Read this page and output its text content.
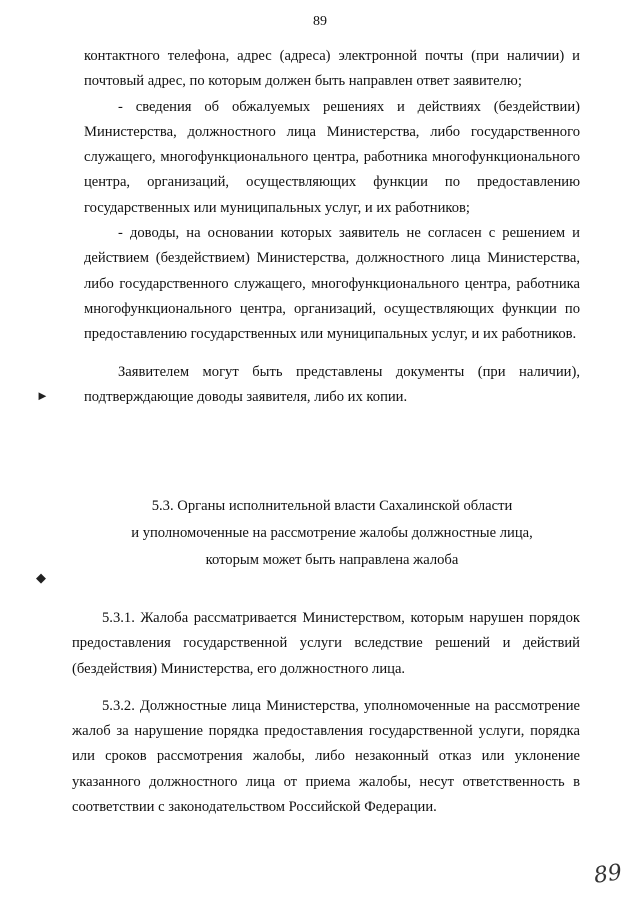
89

контактного телефона, адрес (адреса) электронной почты (при наличии) и почтовый адрес, по которым должен быть направлен ответ заявителю;

- сведения об обжалуемых решениях и действиях (бездействии) Министерства, должностного лица Министерства, либо государственного служащего, многофункционального центра, работника многофункционального центра, организаций, осуществляющих функции по предоставлению государственных или муниципальных услуг, и их работников;

- доводы, на основании которых заявитель не согласен с решением и действием (бездействием) Министерства, должностного лица Министерства, либо государственного служащего, многофункционального центра, работника многофункционального центра, организаций, осуществляющих функции по предоставлению государственных или муниципальных услуг, и их работников.

Заявителем могут быть представлены документы (при наличии), подтверждающие доводы заявителя, либо их копии.

5.3. Органы исполнительной власти Сахалинской области
и уполномоченные на рассмотрение жалобы должностные лица,
которым может быть направлена жалоба

5.3.1. Жалоба рассматривается Министерством, которым нарушен порядок предоставления государственной услуги вследствие решений и действий (бездействия) Министерства, его должностного лица.

5.3.2. Должностные лица Министерства, уполномоченные на рассмотрение жалоб за нарушение порядка предоставления государственной услуги, порядка или сроков рассмотрения жалобы, либо незаконный отказ или уклонение указанного должностного лица от приема жалобы, несут ответственность в соответствии с законодательством Российской Федерации.

►
◆
89
